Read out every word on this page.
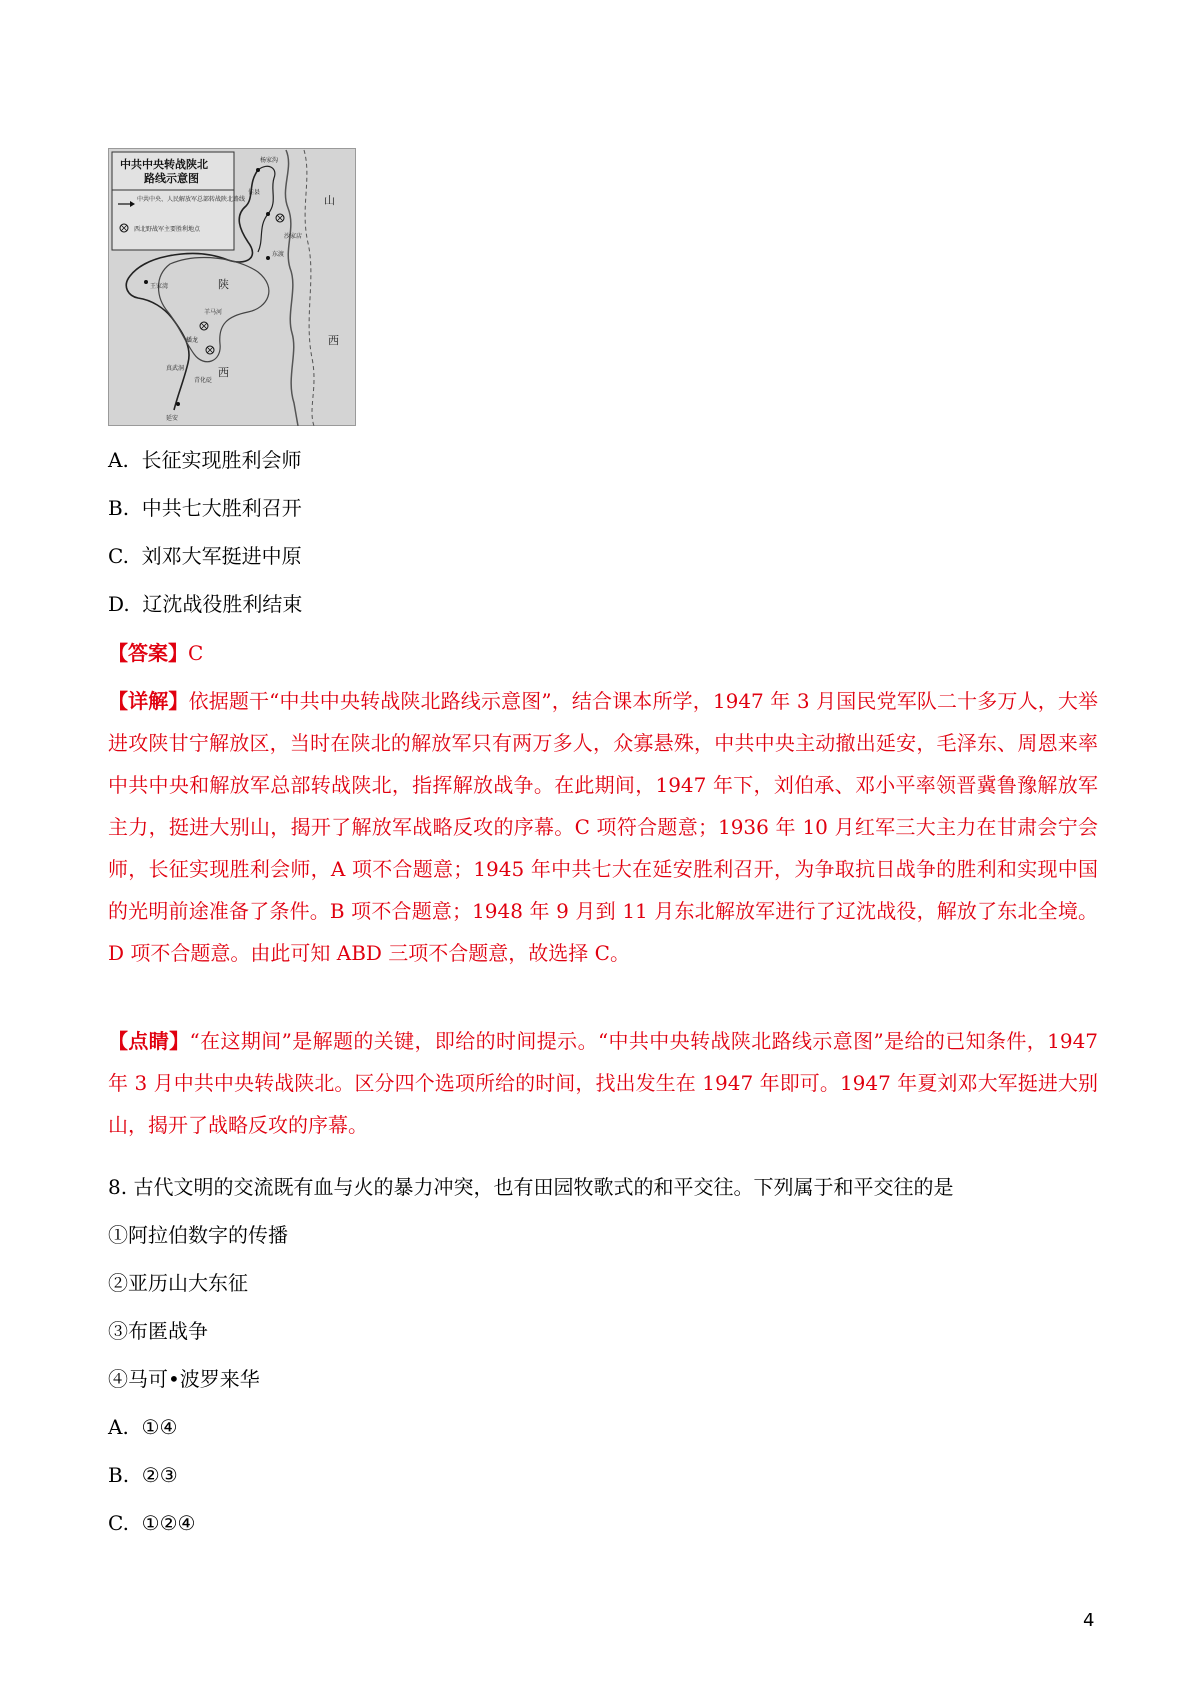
中共中央转战陕北
路线示意图
中共中央、人民解放军总部转战陕北路线
西北野战军主要胜利地点
杨家沟
佳县
沙家店
东渡
王家湾
羊马河
蟠龙
真武洞
青化砭
延安
陕
西
山
西
A. 长征实现胜利会师
B. 中共七大胜利召开
C. 刘邓大军挺进中原
D. 辽沈战役胜利结束
【答案】C
【详解】依据题干“中共中央转战陕北路线示意图”，结合课本所学，1947 年 3 月国民党军队二十多万人，大举进攻陕甘宁解放区，当时在陕北的解放军只有两万多人，众寡悬殊，中共中央主动撤出延安，毛泽东、周恩来率中共中央和解放军总部转战陕北，指挥解放战争。在此期间，1947 年下，刘伯承、邓小平率领晋冀鲁豫解放军主力，挺进大别山，揭开了解放军战略反攻的序幕。C 项符合题意；1936 年 10 月红军三大主力在甘肃会宁会师，长征实现胜利会师，A 项不合题意；1945 年中共七大在延安胜利召开，为争取抗日战争的胜利和实现中国的光明前途准备了条件。B 项不合题意；1948 年 9 月到 11 月东北解放军进行了辽沈战役，解放了东北全境。D 项不合题意。由此可知 ABD 三项不合题意，故选择 C。
【点睛】“在这期间”是解题的关键，即给的时间提示。“中共中央转战陕北路线示意图”是给的已知条件，1947 年 3 月中共中央转战陕北。区分四个选项所给的时间，找出发生在 1947 年即可。1947 年夏刘邓大军挺进大别山，揭开了战略反攻的序幕。
8. 古代文明的交流既有血与火的暴力冲突，也有田园牧歌式的和平交往。下列属于和平交往的是
①阿拉伯数字的传播
②亚历山大东征
③布匿战争
④马可•波罗来华
A. ①④
B. ②③
C. ①②④
4
